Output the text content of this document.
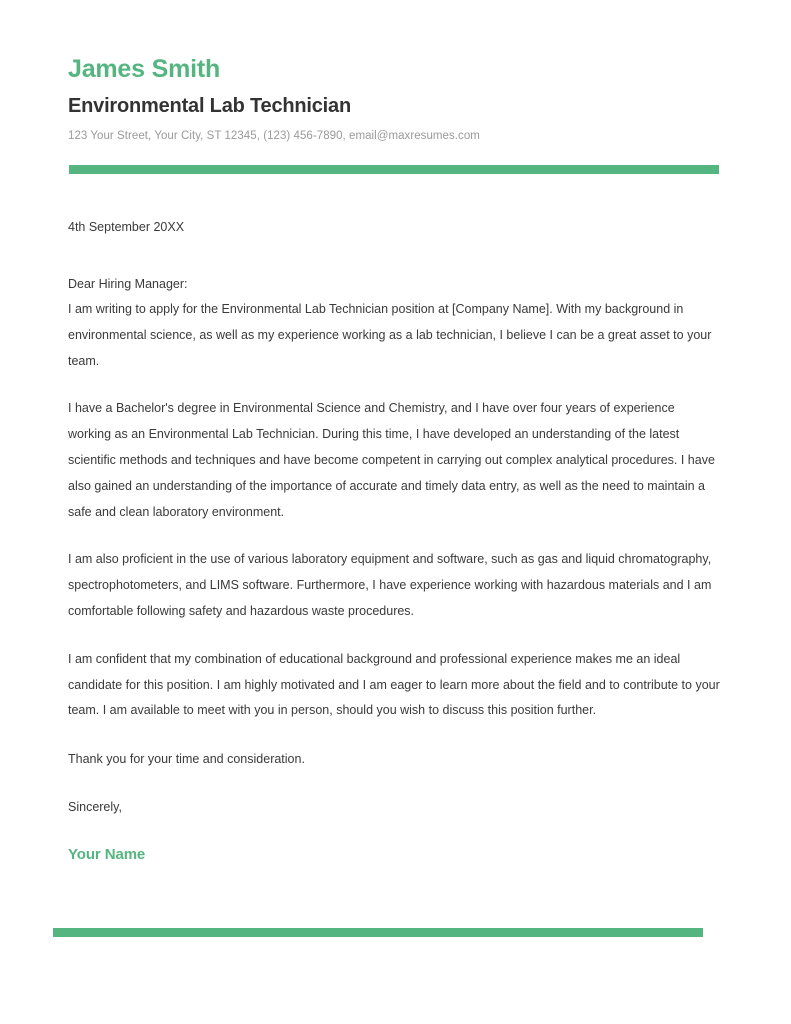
James Smith
Environmental Lab Technician

123 Your Street, Your City, ST 12345, (123) 456-7890, email@maxresumes.com

4th September 20XX

Dear Hiring Manager:

I am writing to apply for the Environmental Lab Technician position at [Company Name]. With my background in environmental science, as well as my experience working as a lab technician, I believe I can be a great asset to your team.

I have a Bachelor's degree in Environmental Science and Chemistry, and I have over four years of experience working as an Environmental Lab Technician. During this time, I have developed an understanding of the latest scientific methods and techniques and have become competent in carrying out complex analytical procedures. I have also gained an understanding of the importance of accurate and timely data entry, as well as the need to maintain a safe and clean laboratory environment.

I am also proficient in the use of various laboratory equipment and software, such as gas and liquid chromatography, spectrophotometers, and LIMS software. Furthermore, I have experience working with hazardous materials and I am comfortable following safety and hazardous waste procedures.

I am confident that my combination of educational background and professional experience makes me an ideal candidate for this position. I am highly motivated and I am eager to learn more about the field and to contribute to your team. I am available to meet with you in person, should you wish to discuss this position further.

Thank you for your time and consideration.

Sincerely,

Your Name
